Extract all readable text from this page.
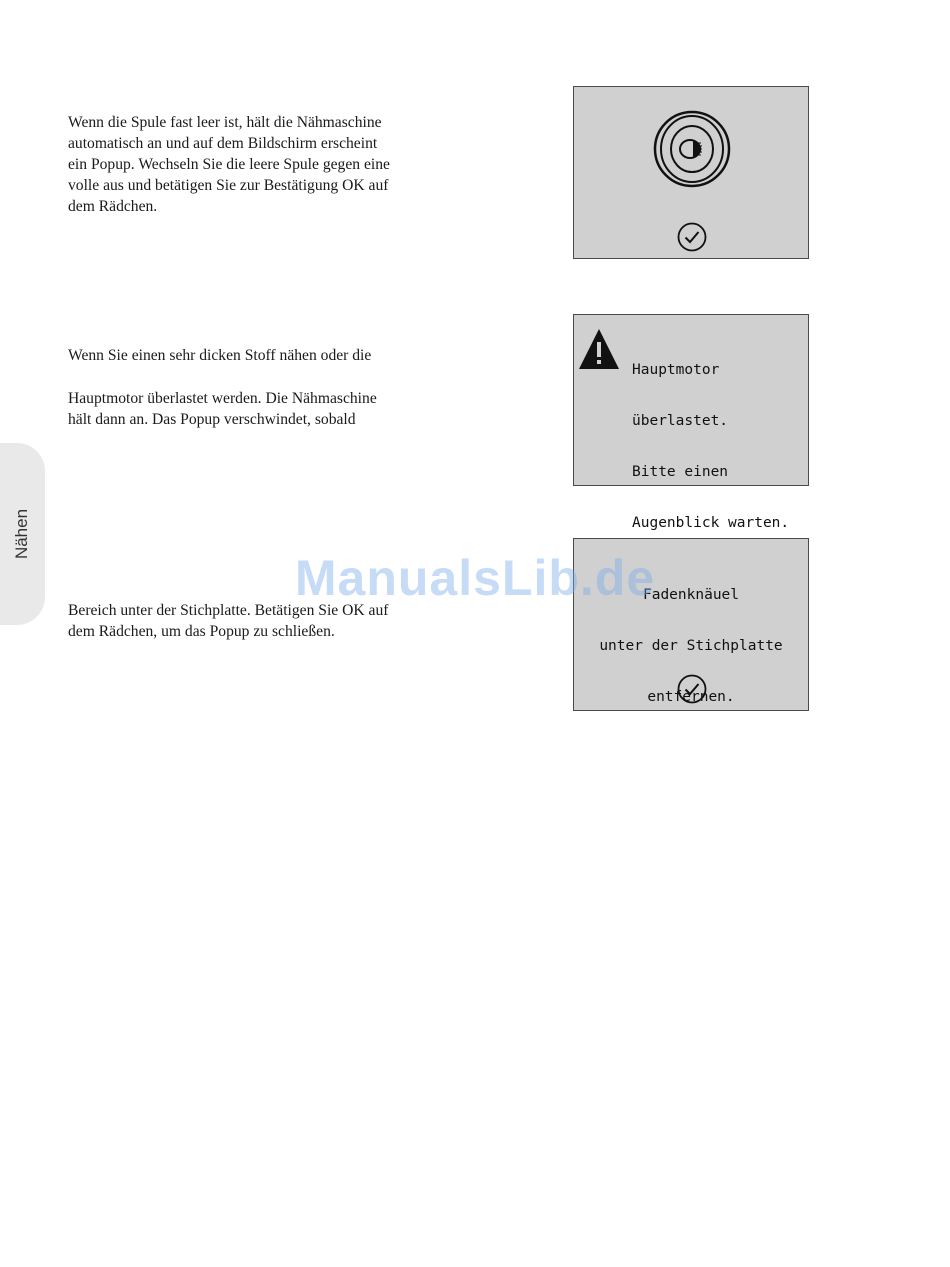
Nähen

Wenn die Spule fast leer ist, hält die Nähmaschine

automatisch an und auf dem Bildschirm erscheint

ein Popup. Wechseln Sie die leere Spule gegen eine

volle aus und betätigen Sie zur Bestätigung OK auf

dem Rädchen.

Wenn Sie einen sehr dicken Stoff nähen oder die

Hauptmotor überlastet werden. Die Nähmaschine

hält dann an. Das Popup verschwindet, sobald

Bereich unter der Stichplatte. Betätigen Sie OK auf

dem Rädchen, um das Popup zu schließen.

Hauptmotor

überlastet.

Bitte einen

Augenblick warten.

Fadenknäuel

unter der Stichplatte

entfernen.

ManualsLib.de
